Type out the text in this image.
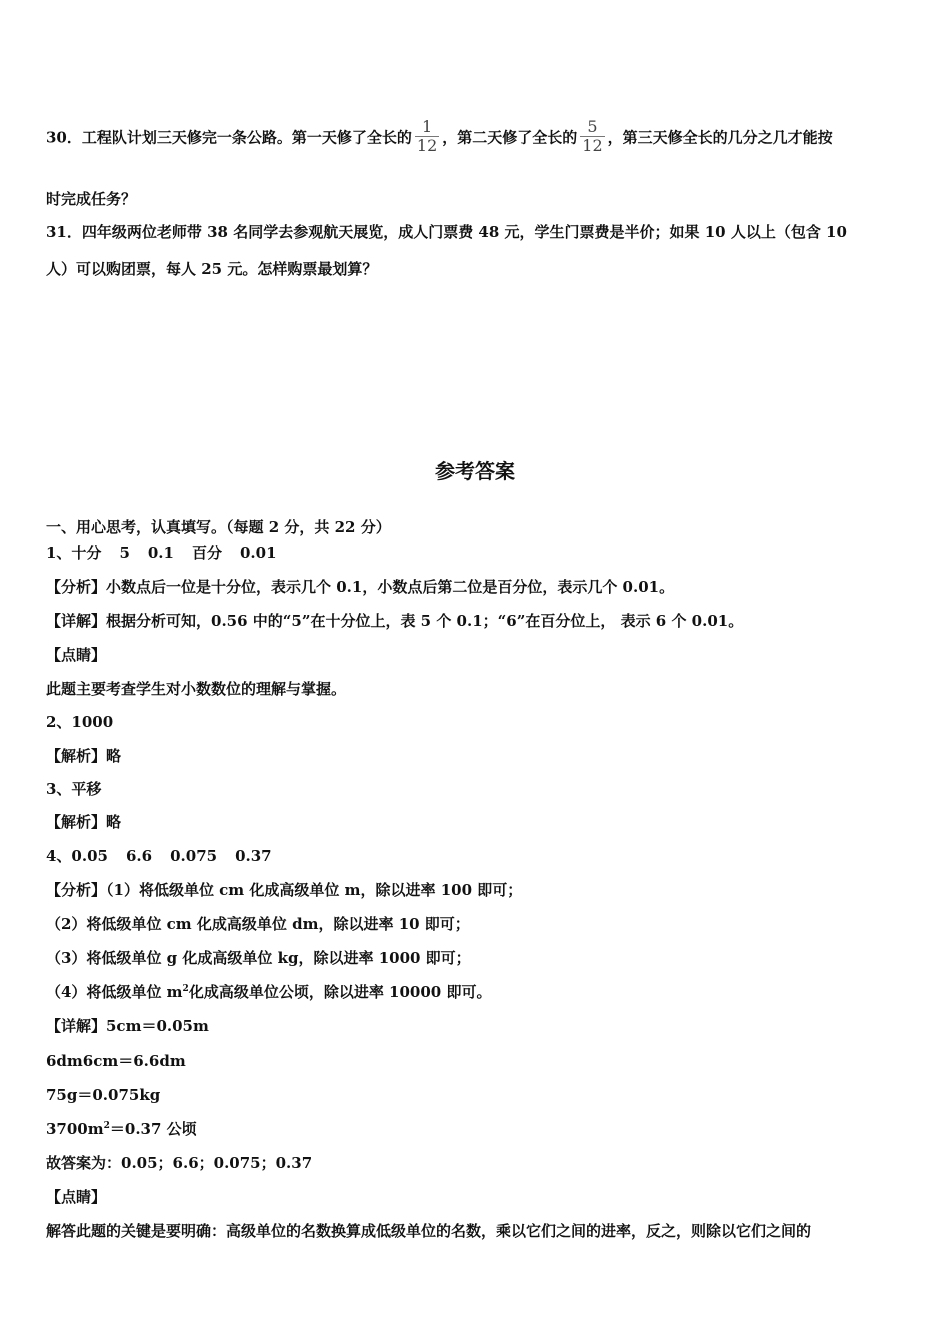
30．工程队计划三天修完一条公路。第一天修了全长的 $\frac{1}{12}$ ，第二天修了全长的 $\frac{5}{12}$ ，第三天修全长的几分之几才能按
时完成任务？
31．四年级两位老师带 38 名同学去参观航天展览，成人门票费 48 元，学生门票费是半价；如果 10 人以上（包含 10
人）可以购团票，每人 25 元。怎样购票最划算？
参考答案
一、用心思考，认真填写。（每题 2 分，共 22 分）
1、十分 5 0.1 百分 0.01
【分析】小数点后一位是十分位，表示几个 0.1，小数点后第二位是百分位，表示几个 0.01。
【详解】根据分析可知，0.56 中的“5”在十分位上，表 5 个 0.1；“6”在百分位上， 表示 6 个 0.01。
【点睛】
此题主要考查学生对小数数位的理解与掌握。
2、1000
【解析】略
3、平移
【解析】略
4、0.05 6.6 0.075 0.37
【分析】（1）将低级单位 cm 化成高级单位 m，除以进率 100 即可；
（2）将低级单位 cm 化成高级单位 dm，除以进率 10 即可；
（3）将低级单位 g 化成高级单位 kg，除以进率 1000 即可；
（4）将低级单位 $m^2$化成高级单位公顷，除以进率 10000 即可。
【详解】5cm＝0.05m
6dm6cm＝6.6dm
75g＝0.075kg
$3700m^2=0.37$ 公顷
故答案为：0.05；6.6；0.075；0.37
【点睛】
解答此题的关键是要明确：高级单位的名数换算成低级单位的名数，乘以它们之间的进率，反之，则除以它们之间的
